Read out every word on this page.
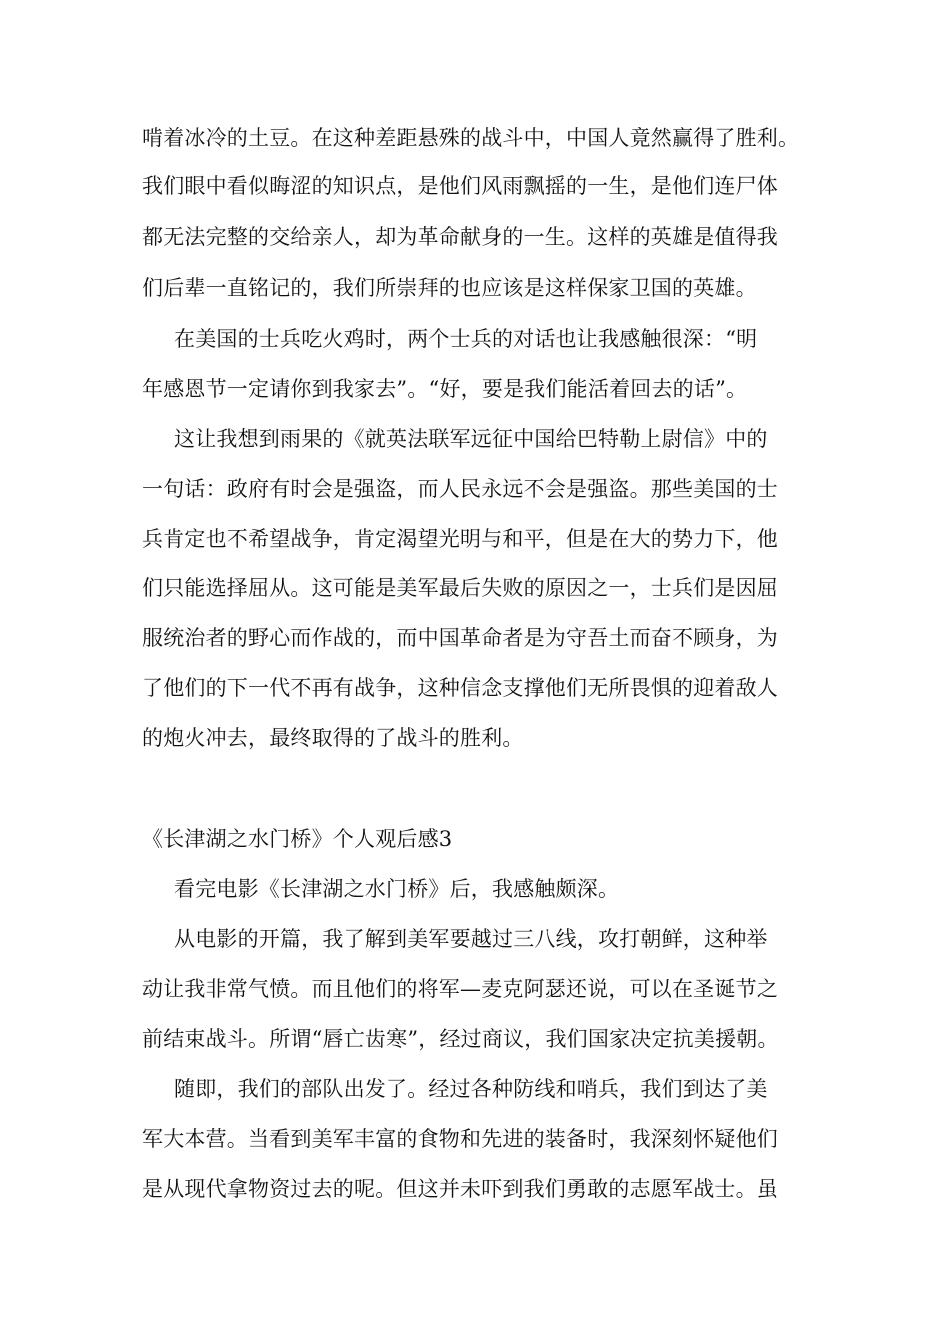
啃着冰冷的土豆。在这种差距悬殊的战斗中，中国人竟然赢得了胜利。
我们眼中看似晦涩的知识点，是他们风雨飘摇的一生，是他们连尸体
都无法完整的交给亲人，却为革命献身的一生。这样的英雄是值得我
们后辈一直铭记的，我们所崇拜的也应该是这样保家卫国的英雄。
在美国的士兵吃火鸡时，两个士兵的对话也让我感触很深：“明
年感恩节一定请你到我家去”。“好，要是我们能活着回去的话”。
这让我想到雨果的《就英法联军远征中国给巴特勒上尉信》中的
一句话：政府有时会是强盗，而人民永远不会是强盗。那些美国的士
兵肯定也不希望战争，肯定渴望光明与和平，但是在大的势力下，他
们只能选择屈从。这可能是美军最后失败的原因之一，士兵们是因屈
服统治者的野心而作战的，而中国革命者是为守吾土而奋不顾身，为
了他们的下一代不再有战争，这种信念支撑他们无所畏惧的迎着敌人
的炮火冲去，最终取得的了战斗的胜利。
《长津湖之水门桥》个人观后感3
看完电影《长津湖之水门桥》后，我感触颇深。
从电影的开篇，我了解到美军要越过三八线，攻打朝鲜，这种举
动让我非常气愤。而且他们的将军—麦克阿瑟还说，可以在圣诞节之
前结束战斗。所谓“唇亡齿寒”，经过商议，我们国家决定抗美援朝。
随即，我们的部队出发了。经过各种防线和哨兵，我们到达了美
军大本营。当看到美军丰富的食物和先进的装备时，我深刻怀疑他们
是从现代拿物资过去的呢。但这并未吓到我们勇敢的志愿军战士。虽
